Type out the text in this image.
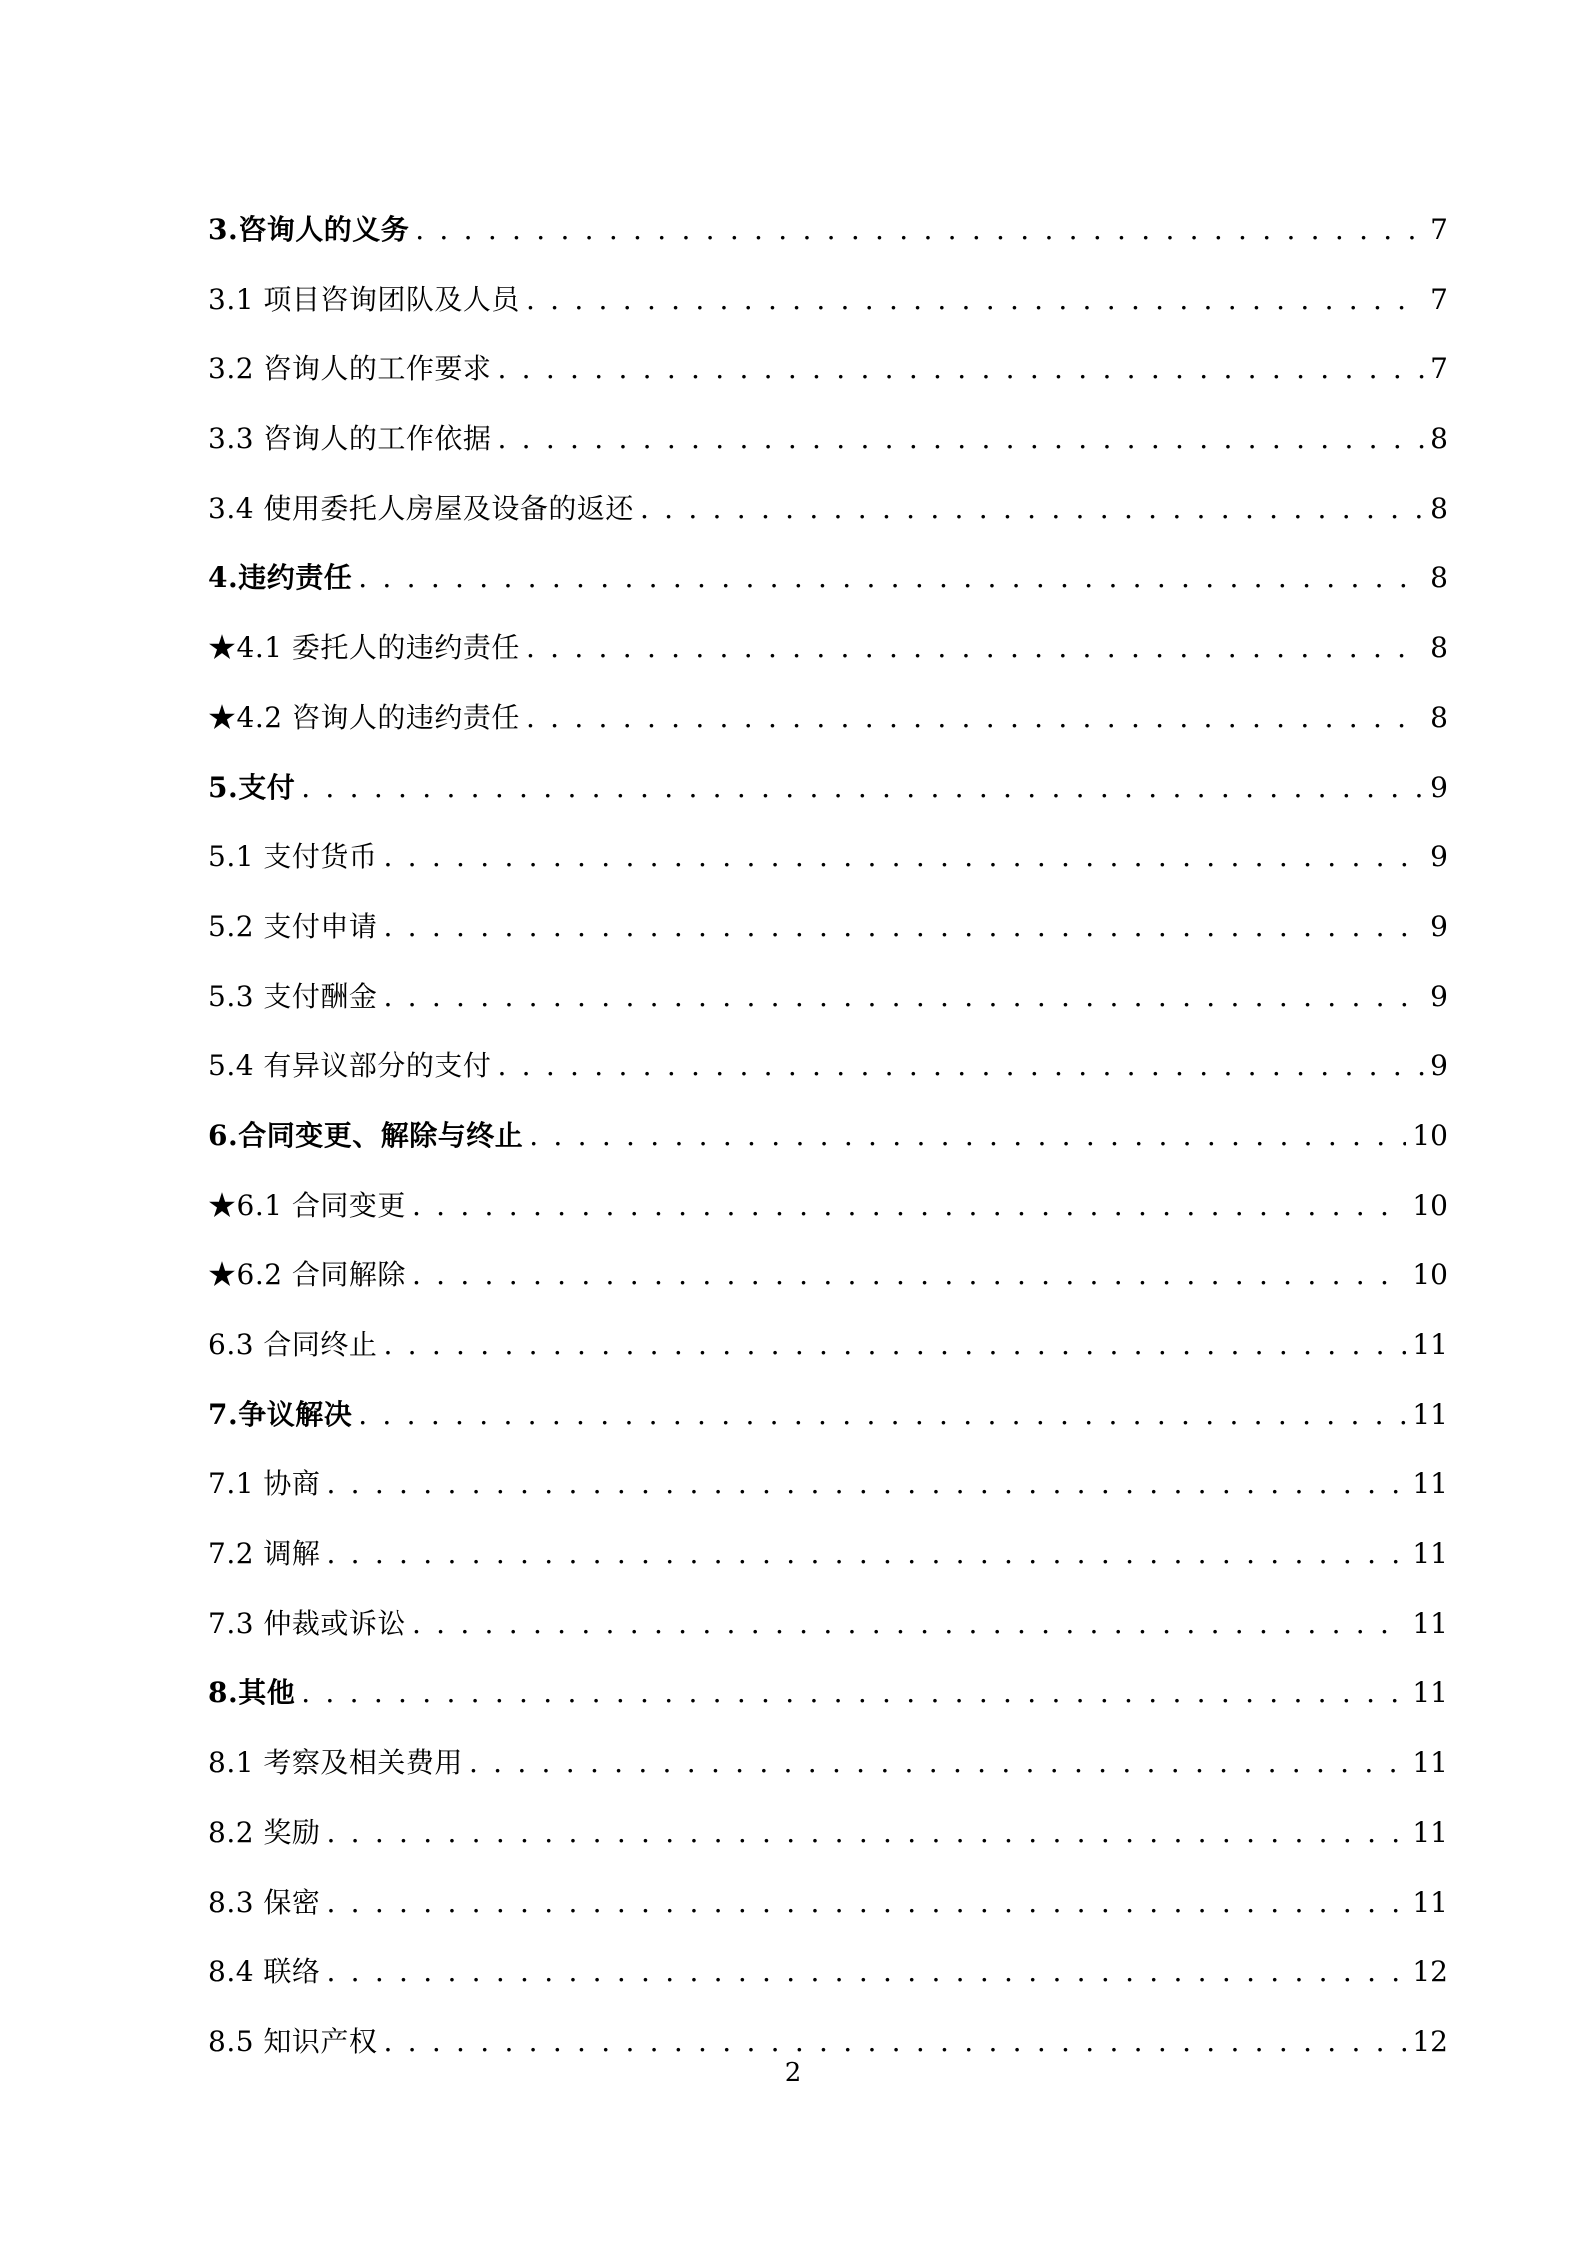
3.咨询人的义务 . . .	7
3.1 项目咨询团队及人员 . . .	7
3.2 咨询人的工作要求 . . .	7
3.3 咨询人的工作依据 . . .	8
3.4 使用委托人房屋及设备的返还 . . .	8
4.违约责任 . . .	8
★4.1 委托人的违约责任 . . .	8
★4.2 咨询人的违约责任 . . .	8
5.支付 . . .	9
5.1 支付货币 . . .	9
5.2 支付申请 . . .	9
5.3 支付酬金 . . .	9
5.4 有异议部分的支付 . . .	9
6.合同变更、解除与终止 . . .	10
★6.1 合同变更 . . .	10
★6.2 合同解除 . . .	10
6.3 合同终止 . . .	11
7.争议解决 . . .	11
7.1 协商 . . .	11
7.2 调解 . . .	11
7.3 仲裁或诉讼 . . .	11
8.其他 . . .	11
8.1 考察及相关费用 . . .	11
8.2 奖励 . . .	11
8.3 保密 . . .	11
8.4 联络 . . .	12
8.5 知识产权 . . .	12
2
